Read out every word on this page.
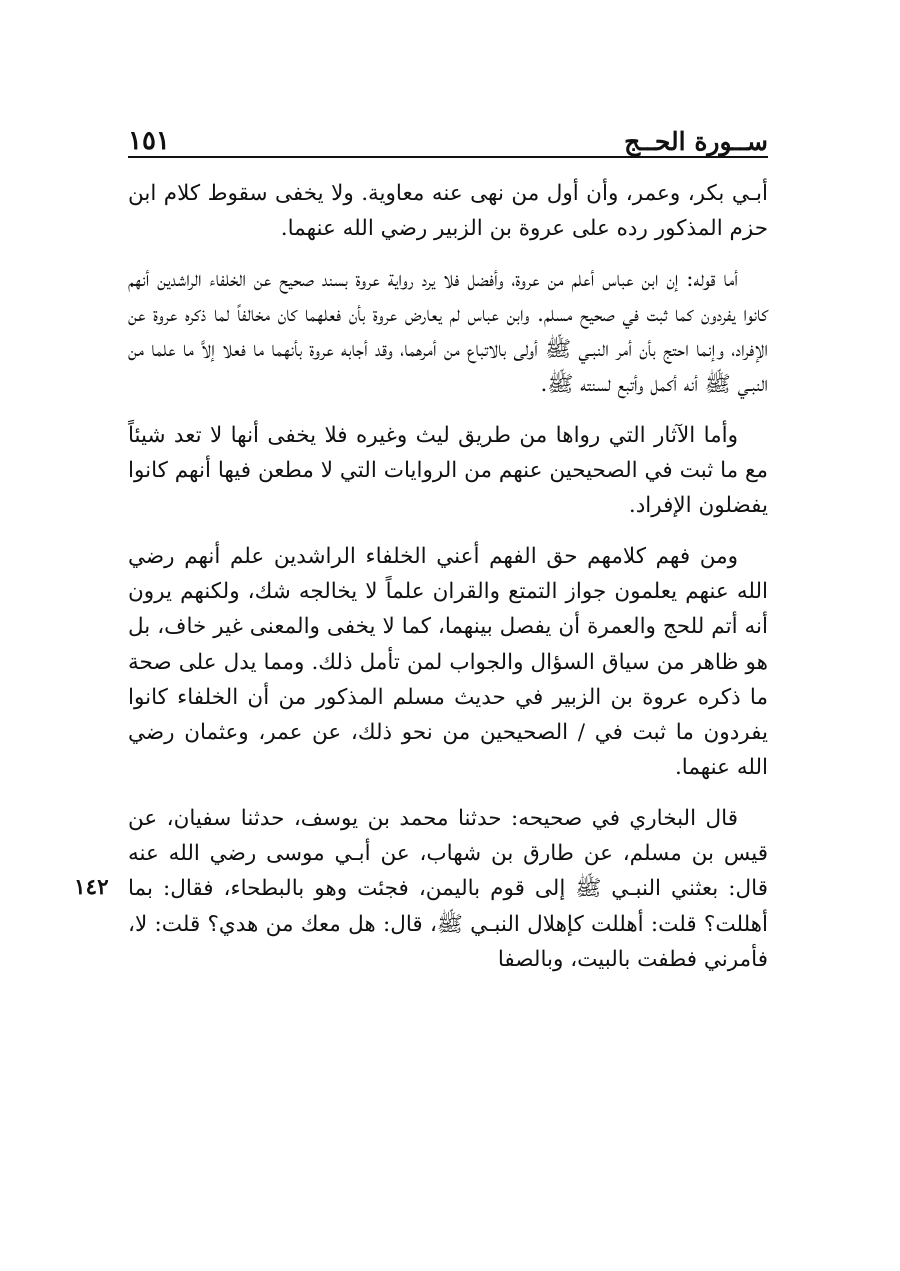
ســورة الحــج
١٥١

أبـي بكر، وعمر، وأن أول من نهى عنه معاوية. ولا يخفى سقوط كلام ابن حزم المذكور رده على عروة بن الزبير رضي الله عنهما.

أما قوله: إن ابن عباس أعلم من عروة، وأفضل فلا يرد رواية عروة بسند صحيح عن الخلفاء الراشدين أنهم كانوا يفردون كما ثبت في صحيح مسلم. وابن عباس لم يعارض عروة بأن فعلهما كان مخالفاً لما ذكره عروة عن الإفراد، وإنما احتج بأن أمر النبـي ﷺ أولى بالاتباع من أمرهما، وقد أجابه عروة بأنهما ما فعلا إلاَّ ما علما من النبـي ﷺ أنه أكمل وأتبع لسنته ﷺ.

وأما الآثار التي رواها من طريق ليث وغيره فلا يخفى أنها لا تعد شيئاً مع ما ثبت في الصحيحين عنهم من الروايات التي لا مطعن فيها أنهم كانوا يفضلون الإفراد.

ومن فهم كلامهم حق الفهم أعني الخلفاء الراشدين علم أنهم رضي الله عنهم يعلمون جواز التمتع والقران علماً لا يخالجه شك، ولكنهم يرون أنه أتم للحج والعمرة أن يفصل بينهما، كما لا يخفى والمعنى غير خاف، بل هو ظاهر من سياق السؤال والجواب لمن تأمل ذلك. ومما يدل على صحة ما ذكره عروة بن الزبير في حديث مسلم المذكور من أن الخلفاء كانوا يفردون ما ثبت في / الصحيحين من نحو ذلك، عن عمر، وعثمان رضي الله عنهما.

قال البخاري في صحيحه: حدثنا محمد بن يوسف، حدثنا سفيان، عن قيس بن مسلم، عن طارق بن شهاب، عن أبـي موسى رضي الله عنه قال: بعثني النبـي ﷺ إلى قوم باليمن، فجئت وهو بالبطحاء، فقال: بما أهللت؟ قلت: أهللت كإهلال النبـي ﷺ، قال: هل معك من هدي؟ قلت: لا، فأمرني فطفت بالبيت، وبالصفا

١٤٢
